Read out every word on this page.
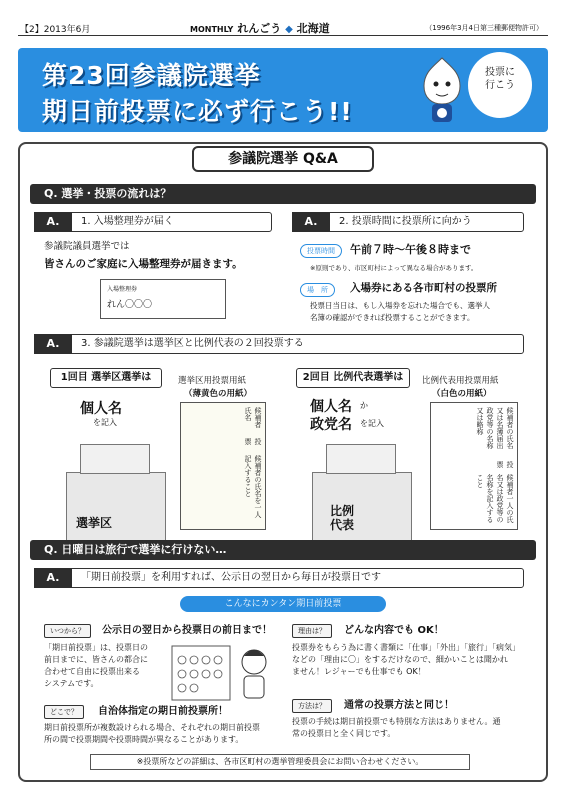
【2】2013年6月	MONTHLY れんごう ◆ 北海道	（1996年3月4日第三種郵便物許可）
第23回参議院選挙
期日前投票に必ず行こう!!
投票に行こう
参議院選挙 Q&A
Q. 選挙・投票の流れは？
A.	1. 入場整理券が届く
参議院議員選挙では
皆さんのご家庭に入場整理券が届きます。
入場整理券
れん〇〇〇
A.	2. 投票時間に投票所に向かう
投票時間	午前７時～午後８時まで
※原則であり、市区町村によって異なる場合があります。
場　所	入場券にある各市町村の投票所
投票日当日は、もし入場券を忘れた場合でも、選挙人
名簿の確認ができれば投票することができます。
A.	3. 参議院選挙は選挙区と比例代表の２回投票する
1回目 選挙区選挙は
個人名
を記入
選挙区
選挙区用投票用紙
（薄黄色の用紙）
候補者氏名
投票
候補者の氏名を一人記入すること
2回目 比例代表選挙は
個人名 か
政党名 を記入
比例代表
比例代表用投票用紙
（白色の用紙）
候補者の氏名又は名簿届出政党等の名称又は略称
投票
候補者一人の氏名又は政党等の名称を記入すること
Q. 日曜日は旅行で選挙に行けない…
A.	「期日前投票」を利用すれば、公示日の翌日から毎日が投票日です
こんなにカンタン期日前投票
いつから？	公示日の翌日から投票日の前日まで！
「期日前投票」は、投票日の
前日までに、皆さんの都合に
合わせて自由に投票出来る
システムです。
どこで？	自治体指定の期日前投票所！
期日前投票所が複数設けられる場合、それぞれの期日前投票
所の間で投票期間や投票時間が異なることがあります。
理由は？	どんな内容でも OK！
投票券をもらう為に書く書類に「仕事」「外出」「旅行」「病気」
などの「理由に〇」をするだけなので、細かいことは聞かれ
ません！レジャーでも仕事でも OK！
方法は？	通常の投票方法と同じ！
投票の手続は期日前投票でも特別な方法はありません。通
常の投票日と全く同じです。
※投票所などの詳細は、各市区町村の選挙管理委員会にお問い合わせください。
